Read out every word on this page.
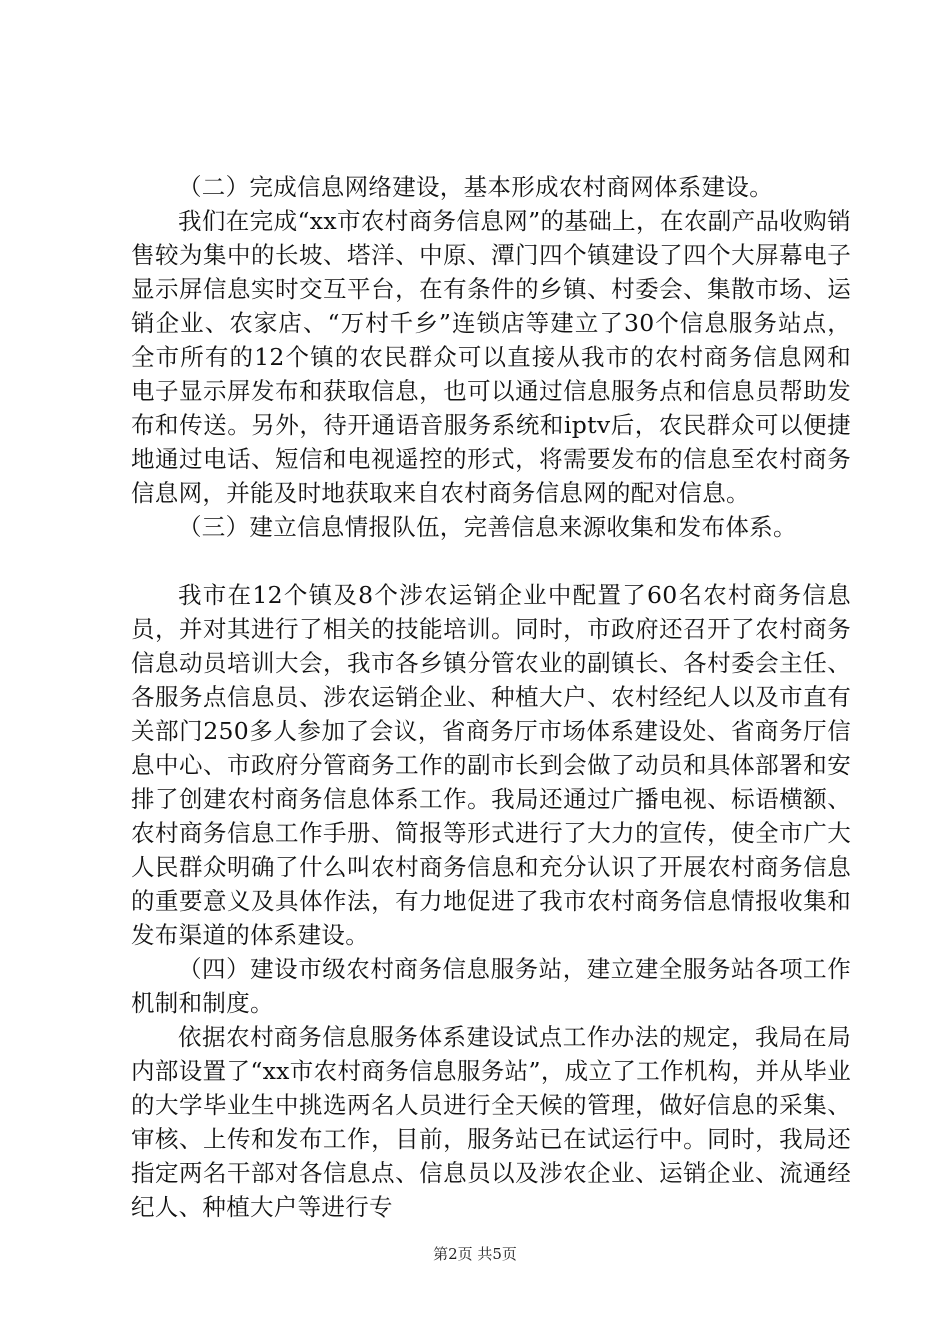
（二）完成信息网络建设，基本形成农村商网体系建设。

我们在完成“xx市农村商务信息网”的基础上，在农副产品收购销售较为集中的长坡、塔洋、中原、潭门四个镇建设了四个大屏幕电子显示屏信息实时交互平台，在有条件的乡镇、村委会、集散市场、运销企业、农家店、“万村千乡”连锁店等建立了30个信息服务站点，全市所有的12个镇的农民群众可以直接从我市的农村商务信息网和电子显示屏发布和获取信息，也可以通过信息服务点和信息员帮助发布和传送。另外，待开通语音服务系统和iptv后，农民群众可以便捷地通过电话、短信和电视遥控的形式，将需要发布的信息至农村商务信息网，并能及时地获取来自农村商务信息网的配对信息。

（三）建立信息情报队伍，完善信息来源收集和发布体系。

我市在12个镇及8个涉农运销企业中配置了60名农村商务信息员，并对其进行了相关的技能培训。同时，市政府还召开了农村商务信息动员培训大会，我市各乡镇分管农业的副镇长、各村委会主任、各服务点信息员、涉农运销企业、种植大户、农村经纪人以及市直有关部门250多人参加了会议，省商务厅市场体系建设处、省商务厅信息中心、市政府分管商务工作的副市长到会做了动员和具体部署和安排了创建农村商务信息体系工作。我局还通过广播电视、标语横额、农村商务信息工作手册、简报等形式进行了大力的宣传，使全市广大人民群众明确了什么叫农村商务信息和充分认识了开展农村商务信息的重要意义及具体作法，有力地促进了我市农村商务信息情报收集和发布渠道的体系建设。

（四）建设市级农村商务信息服务站，建立建全服务站各项工作机制和制度。

依据农村商务信息服务体系建设试点工作办法的规定，我局在局内部设置了“xx市农村商务信息服务站”，成立了工作机构，并从毕业的大学毕业生中挑选两名人员进行全天候的管理，做好信息的采集、审核、上传和发布工作，目前，服务站已在试运行中。同时，我局还指定两名干部对各信息点、信息员以及涉农企业、运销企业、流通经纪人、种植大户等进行专

第2页 共5页
